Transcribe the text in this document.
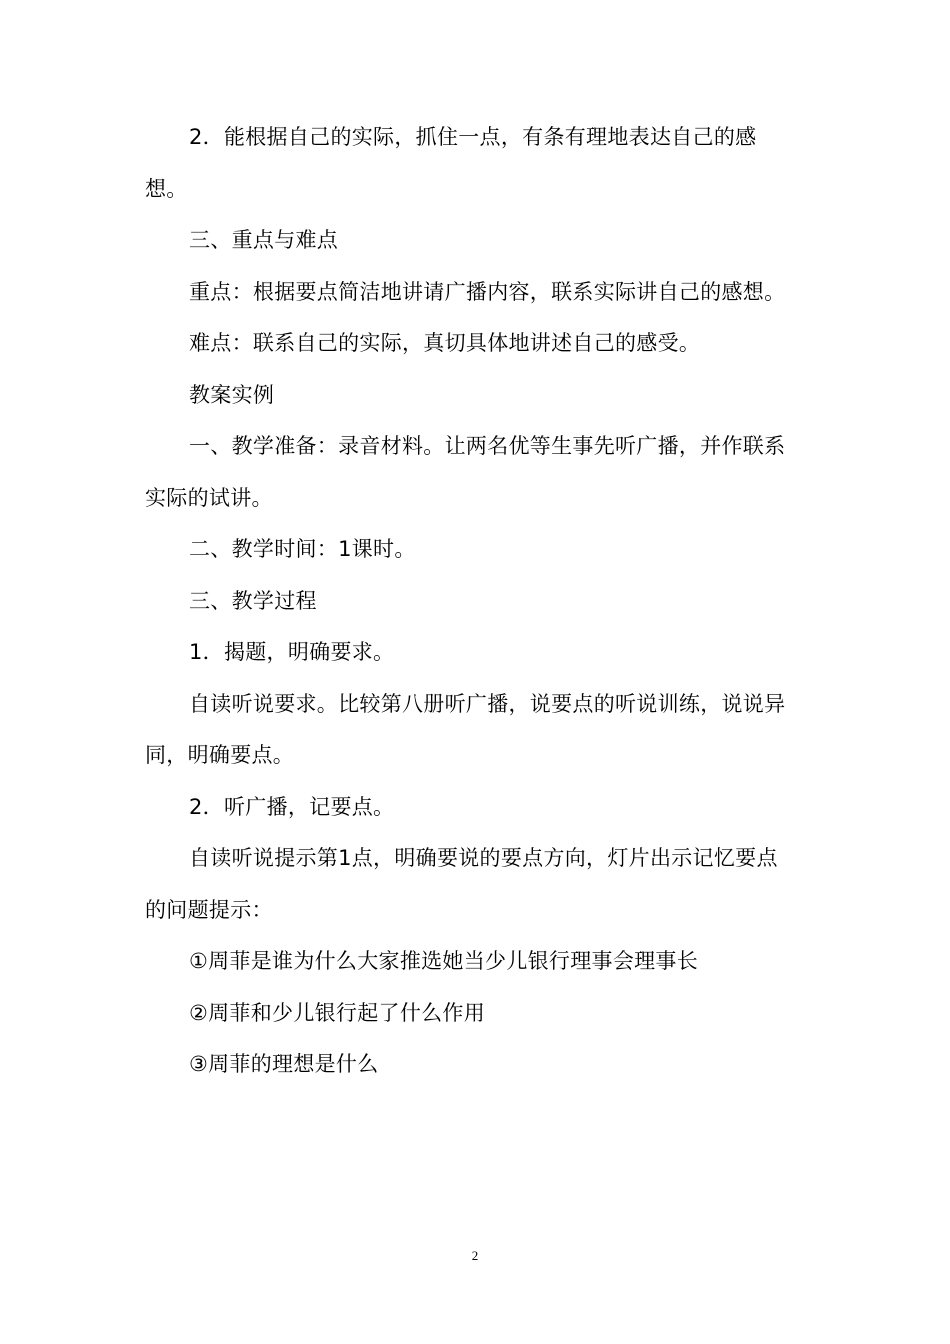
2．能根据自己的实际，抓住一点，有条有理地表达自己的感想。

三、重点与难点

重点：根据要点简洁地讲请广播内容，联系实际讲自己的感想。

难点：联系自己的实际，真切具体地讲述自己的感受。

教案实例

一、教学准备：录音材料。让两名优等生事先听广播，并作联系实际的试讲。

二、教学时间：1课时。

三、教学过程

1．揭题，明确要求。

自读听说要求。比较第八册听广播，说要点的听说训练，说说异同，明确要点。

2．听广播，记要点。

自读听说提示第1点，明确要说的要点方向，灯片出示记忆要点的问题提示：

①周菲是谁为什么大家推选她当少儿银行理事会理事长

②周菲和少儿银行起了什么作用

③周菲的理想是什么

2
